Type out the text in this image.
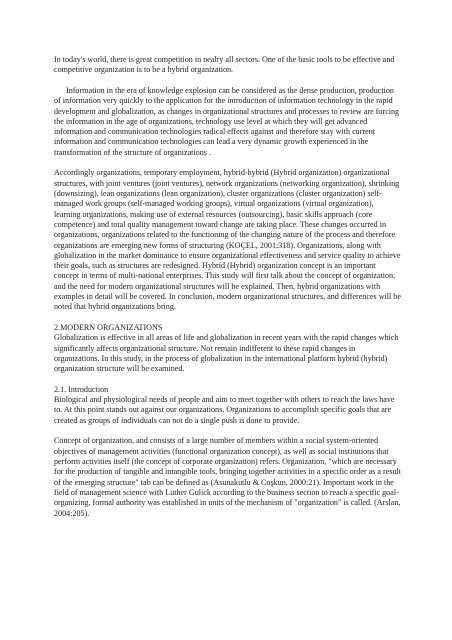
In today's world, there is great competition in nealry all sectors. One of the basic tools to be effective and competitive organization is to be a hybrid organization.

Information in the era of knowledge explosion can be considered as the dense production, production of information very quickly to the application for the introduction of information technology in the rapid development and globalization, as changes in organizational structures and processes to review are forcing the information in the age of organizations, technology use level at which they will get advanced information and communication technologies radical effects against and therefore stay with current information and communication technologies can lead a very dynamic growth experienced in the transformation of the structure of organizations .

Accordingly organizations, temporary employment, hybrid-hybrid (Hybrid organization) organizational structures, with joint ventures (joint ventures), network organizations (networking organization), shrinking (downsizing), lean organizations (lean organization), cluster organizations (cluster organization) self-managed work groups (self-managed working groups), virtual organizations (virtual organization), learning organizations, making use of external resources (outsourcing), basic skills approach (core competence) and total quality management toward change are taking place. These changes occurred in organizations, organizations related to the functioning of the changing nature of the process and therefore organizations are emerging new forms of structuring (KOÇEL, 2001:318). Organizations, along with globalization in the market dominance to ensure organizational effectiveness and service quality to achieve their goals, such as structures are redesigned. Hybrid (Hybrid) organization concept is an important concept in terms of multi-national enterprises. This study will first talk about the concept of organization, and the need for modern organizational structures will be explained. Then, hybrid organizations with examples in detail will be covered. In conclusion, modern organizational structures, and differences will be noted that hybrid organizations bring.

2.MODERN ORGANIZATIONS

Globalization is effective in all areas of life and globalization in recent years with the rapid changes which significantly affects organizational structure. Not remain indifferent to these rapid changes in organizations. In this study, in the process of globalization in the international platform hybrid (hybrid) organization structure will be examined.

2.1. Introduction

Biological and physiological needs of people and aim to meet together with others to reach the laws have to. At this point stands out against our organizations. Organizations to accomplish specific goals that are created as groups of individuals can not do a single push is done to provide.

Concept of organization, and consists of a large number of members within a social system-oriented objectives of management activities (functional organization concept), as well as social institutions that perform activities itself (the concept of corporate organization) refers. Organization, "which are necessary for the production of tangible and intangible tools, bringing together activities in a specific order as a result of the emerging structure" tab can be defined as (Asunakutlu & Coşkun, 2000:21). Important work in the field of management science with Luther Gulick according to the business section to reach a specific goal-organizing, formal authority was established in units of the mechanism of "organization" is called. (Arslan, 2004:205).
